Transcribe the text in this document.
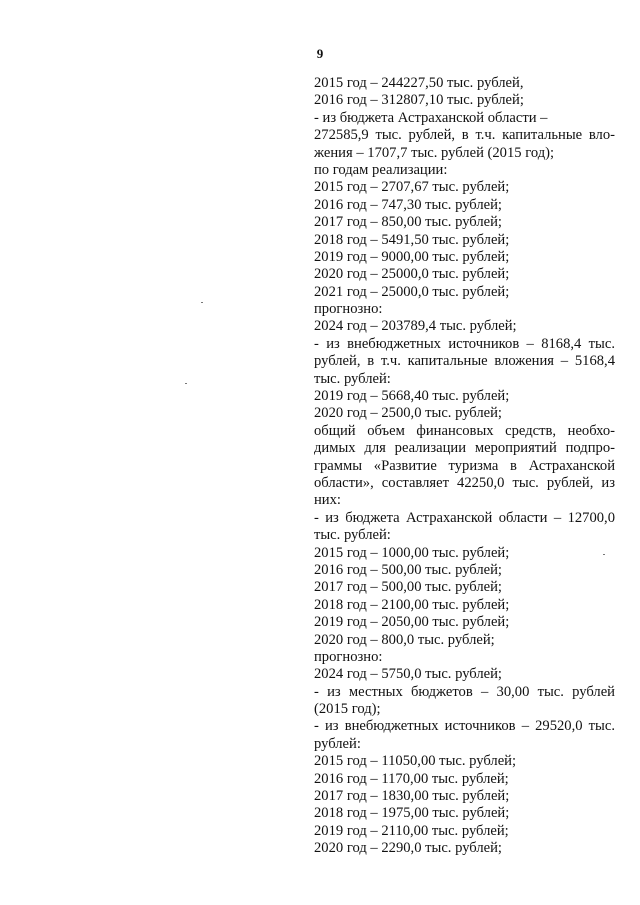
9
2015 год – 244227,50 тыс. рублей,
2016 год – 312807,10 тыс. рублей;
- из бюджета Астраханской области –
272585,9 тыс. рублей, в т.ч. капитальные вло-
жения – 1707,7 тыс. рублей (2015 год);
по годам реализации:
2015 год – 2707,67 тыс. рублей;
2016 год – 747,30 тыс. рублей;
2017 год – 850,00 тыс. рублей;
2018 год – 5491,50 тыс. рублей;
2019 год – 9000,00 тыс. рублей;
2020 год – 25000,0 тыс. рублей;
2021 год – 25000,0 тыс. рублей;
прогнозно:
2024 год – 203789,4 тыс. рублей;
- из внебюджетных источников – 8168,4 тыс.
рублей, в т.ч. капитальные вложения – 5168,4
тыс. рублей:
2019 год – 5668,40 тыс. рублей;
2020 год – 2500,0 тыс. рублей;
общий объем финансовых средств, необхо-
димых для реализации мероприятий подпро-
граммы «Развитие туризма в Астраханской
области», составляет 42250,0 тыс. рублей, из
них:
- из бюджета Астраханской области – 12700,0
тыс. рублей:
2015 год – 1000,00 тыс. рублей;
2016 год – 500,00 тыс. рублей;
2017 год – 500,00 тыс. рублей;
2018 год – 2100,00 тыс. рублей;
2019 год – 2050,00 тыс. рублей;
2020 год – 800,0 тыс. рублей;
прогнозно:
2024 год – 5750,0 тыс. рублей;
- из местных бюджетов – 30,00 тыс. рублей
(2015 год);
- из внебюджетных источников – 29520,0 тыс.
рублей:
2015 год – 11050,00 тыс. рублей;
2016 год – 1170,00 тыс. рублей;
2017 год – 1830,00 тыс. рублей;
2018 год – 1975,00 тыс. рублей;
2019 год – 2110,00 тыс. рублей;
2020 год – 2290,0 тыс. рублей;
